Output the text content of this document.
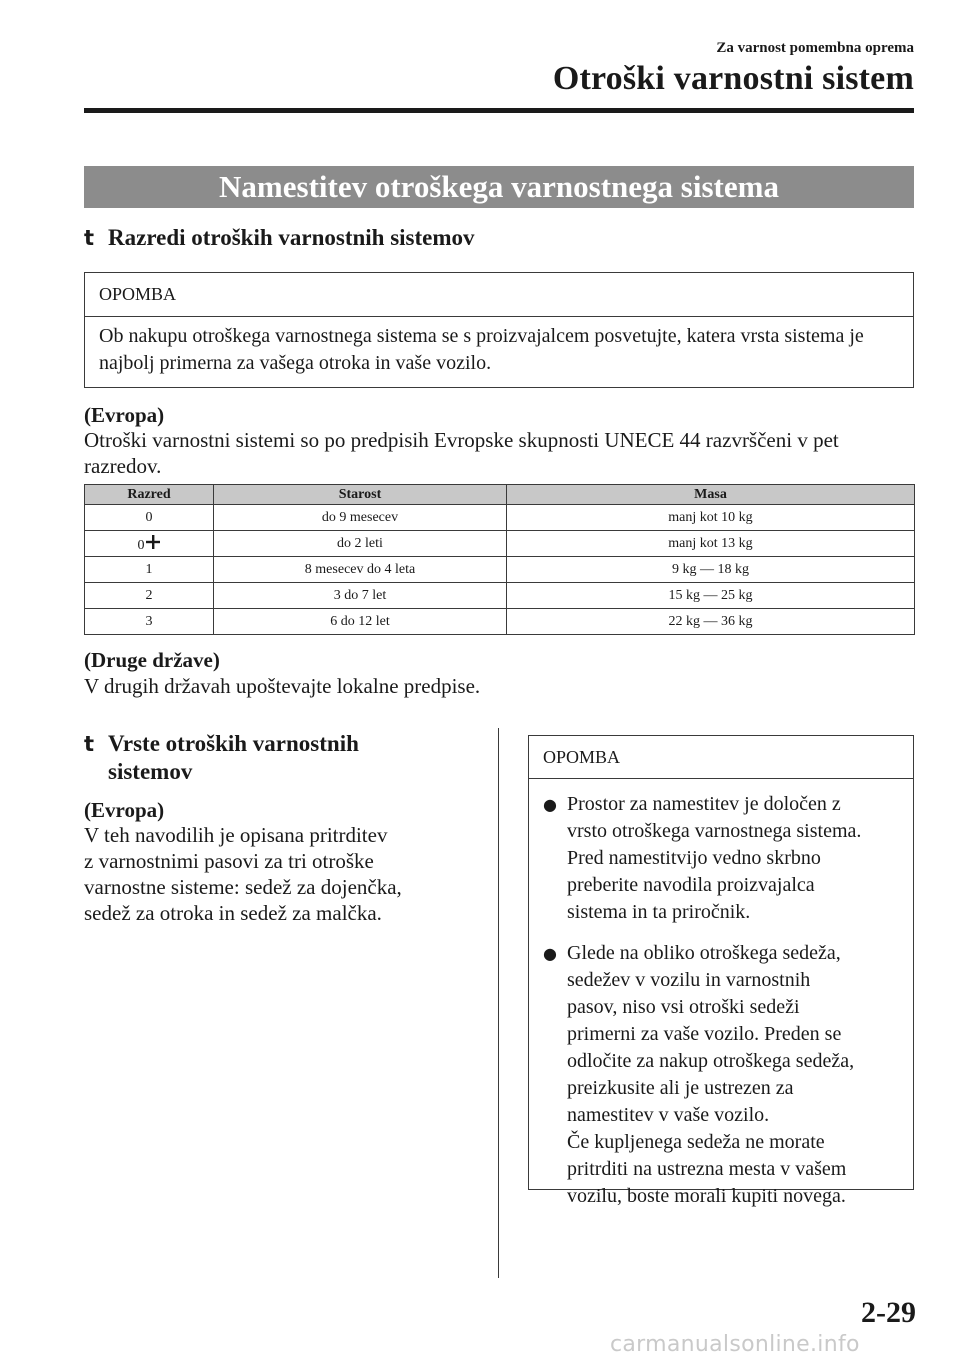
Za varnost pomembna oprema
Otroški varnostni sistem
Namestitev otroškega varnostnega sistema
t Razredi otroških varnostnih sistemov
OPOMBA
Ob nakupu otroškega varnostnega sistema se s proizvajalcem posvetujte, katera vrsta sistema je najbolj primerna za vašega otroka in vaše vozilo.
(Evropa)
Otroški varnostni sistemi so po predpisih Evropske skupnosti UNECE 44 razvrščeni v pet razredov.
Razred	Starost	Masa
0	do 9 mesecev	manj kot 10 kg
0	do 2 leti	manj kot 13 kg
1	8 mesecev do 4 leta	9 kg — 18 kg
2	3 do 7 let	15 kg — 25 kg
3	6 do 12 let	22 kg — 36 kg
(Druge države)
V drugih državah upoštevajte lokalne predpise.
t Vrste otroških varnostnih
sistemov
(Evropa)
V teh navodilih je opisana pritrditev
z varnostnimi pasovi za tri otroške
varnostne sisteme: sedež za dojenčka,
sedež za otroka in sedež za malčka.
OPOMBA
● Prostor za namestitev je določen z
vrsto otroškega varnostnega sistema.
Pred namestitvijo vedno skrbno
preberite navodila proizvajalca
sistema in ta priročnik.
● Glede na obliko otroškega sedeža,
sedežev v vozilu in varnostnih
pasov, niso vsi otroški sedeži
primerni za vaše vozilo. Preden se
odločite za nakup otroškega sedeža,
preizkusite ali je ustrezen za
namestitev v vaše vozilo.
Če kupljenega sedeža ne morate
pritrditi na ustrezna mesta v vašem
vozilu, boste morali kupiti novega.
2-29
carmanualsonline.info
